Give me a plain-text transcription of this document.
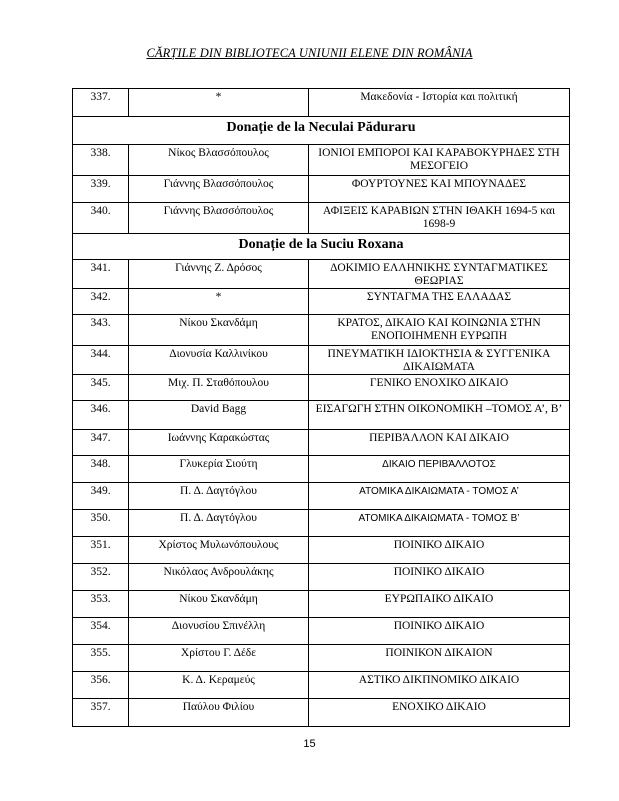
CĂRȚILE DIN BIBLIOTECA UNIUNII ELENE DIN ROMÂNIA
337.	*	Μακεδονία - Ιστορία και πολιτική
Donație de la Neculai Păduraru		
338.	Νίκος Βλασσόπουλος	ΙΟΝΙΟΙ ΕΜΠΟΡΟΙ ΚΑΙ ΚΑΡΑΒΟΚΥΡΗΔΕΣ ΣΤΗ ΜΕΣΟΓΕΙΟ
339.	Γιάννης Βλασσόπουλος	ΦΟΥΡΤΟΥΝΕΣ ΚΑΙ ΜΠΟΥΝΑΔΕΣ
340.	Γιάννης Βλασσόπουλος	ΑΦΙΞΕΙΣ ΚΑΡΑΒΙΩΝ ΣΤΗΝ ΙΘΑΚΗ 1694-5 και 1698-9
Donație de la Suciu Roxana		
341.	Γιάννης Ζ. Δρόσος	ΔΟΚΙΜΙΟ ΕΛΛΗΝΙΚΗΣ ΣΥΝΤΑΓΜΑΤΙΚΕΣ ΘΕΩΡΙΑΣ
342.	*	ΣΥΝΤΑΓΜΑ ΤΗΣ ΕΛΛΑΔΑΣ
343.	Νίκου Σκανδάμη	ΚΡΑΤΟΣ, ΔΙΚΑΙΟ ΚΑΙ ΚΟΙΝΩΝΙΑ ΣΤΗΝ ΕΝΟΠΟΙΗΜΕΝΗ ΕΥΡΩΠΗ
344.	Διονυσία Καλλινίκου	ΠΝΕΥΜΑΤΙΚΗ ΙΔΙΟΚΤΗΣΙΑ & ΣΥΓΓΕΝΙΚΑ ΔΙΚΑΙΩΜΑΤΑ
345.	Μιχ. Π. Σταθόπουλου	ΓΕΝΙΚΟ ΕΝΟΧΙΚΟ ΔΙΚΑΙΟ
346.	David Bagg	ΕΙΣΑΓΩΓΗ ΣΤΗΝ ΟΙΚΟΝΟΜΙΚΗ –ΤΟΜΟΣ Α’, Β’
347.	Ιωάννης Καρακώστας	ΠΕΡΙΒΆΛΛΟΝ ΚΑΙ ΔΙΚΑΙΟ
348.	Γλυκερία Σιούτη	ΔΙΚΑΙΟ ΠΕΡΙΒΆΛΛΟΤΟΣ
349.	Π. Δ. Δαγτόγλου	ΑΤΟΜΙΚΑ ΔΙΚΑΙΩΜΑΤΑ - ΤΟΜΟΣ Α’
350.	Π. Δ. Δαγτόγλου	ΑΤΟΜΙΚΑ ΔΙΚΑΙΩΜΑΤΑ - ΤΟΜΟΣ Β’
351.	Χρίστος Μυλωνόπουλους	ΠΟΙΝΙΚΟ ΔΙΚΑΙΟ
352.	Νικόλαος Ανδρουλάκης	ΠΟΙΝΙΚΟ ΔΙΚΑΙΟ
353.	Νίκου Σκανδάμη	ΕΥΡΩΠΑΙΚΟ ΔΙΚΑΙΟ
354.	Διονυσίου Σπινέλλη	ΠΟΙΝΙΚΟ ΔΙΚΑΙΟ
355.	Χρίστου Γ. Δέδε	ΠΟΙΝΙΚΟΝ ΔΙΚΑΙΟΝ
356.	Κ. Δ. Κεραμεύς	ΑΣΤΙΚΟ ΔΙΚΠΝΟΜΙΚΟ ΔΙΚΑΙΟ
357.	Παύλου Φιλίου	ΕΝΟΧΙΚΟ ΔΙΚΑΙΟ
15
